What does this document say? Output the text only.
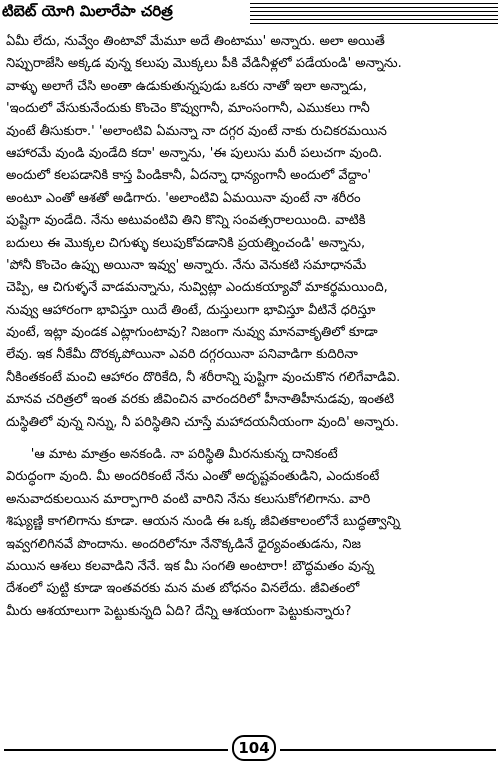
టిబెట్ యోగి మిలారేపా చరిత్ర
ఏమీ లేదు, నువ్వేం తింటావో మేమూ అదే తింటాము' అన్నారు. అలా అయితే
నిప్పురాజేసి అక్కడ వున్న కలుపు మొక్కలు పీకి వేడినీళ్లలో పడేయండి' అన్నాను.
వాళ్ళు అలాగే చేసి అంతా ఉడుకుతున్నపుడు ఒకరు నాతో ఇలా అన్నాడు,
'ఇందులో వేసుకునేందుకు కొంచెం కొవ్వుగానీ, మాంసంగానీ, ఎముకలు గానీ
వుంటే తీసుకురా.' 'అలాంటివి ఏమన్నా నా దగ్గర వుంటే నాకు రుచికరమయిన
ఆహారమే వుండి వుండేది కదా' అన్నాను, 'ఈ పులుసు మరీ పలుచగా వుంది.
అందులో కలపడానికి కాస్త పిండికానీ, ఏదన్నా ధాన్యంగానీ అందులో వేద్దాం'
అంటూ ఎంతో ఆశతో అడిగారు. 'అలాంటివి ఏమయినా వుంటే నా శరీరం
పుష్టిగా వుండేది. నేను అటువంటివి తిని కొన్ని సంవత్సరాలయింది. వాటికి
బదులు ఈ మొక్కల చిగుళ్ళు కలుపుకోవడానికి ప్రయత్నించండి' అన్నాను,
'పోనీ కొంచెం ఉప్పు అయినా ఇవ్వు' అన్నారు. నేను వెనుకటి సమాధానమే
చెప్పి, ఆ చిగుళ్ళనే వాడమన్నాను, నువ్విట్లా ఎందుకయ్యావో మాకర్థమయింది,
నువ్వు ఆహారంగా భావిస్తూ యిదే తింటే, దుస్తులుగా భావిస్తూ వీటినే ధరిస్తూ
వుంటే, ఇట్లా వుండక ఎట్లాగుంటావు? నిజంగా నువ్వు మానవాకృతిలో కూడా
లేవు. ఇక నీకేమీ దొరక్కపోయినా ఎవరి దగ్గరయినా పనివాడిగా కుదిరినా
నీకింతకంటే మంచి ఆహారం దొరికేది, నీ శరీరాన్ని పుష్టిగా వుంచుకొన గలిగేవాడివి.
మానవ చరిత్రలో ఇంత వరకు జీవించిన వారందరిలో హీనాతిహీనుడవు, ఇంతటి
దుస్థితిలో వున్న నిన్ను, నీ పరిస్థితిని చూస్తే మహాదయనీయంగా వుంది' అన్నారు.
'ఆ మాట మాత్రం అనకండి. నా పరిస్థితి మీరనుకున్న దానికంటే
విరుద్ధంగా వుంది. మీ అందరికంటే నేను ఎంతో అదృష్టవంతుడిని, ఎందుకంటే
అనువాదకులయిన మార్పాగారి వంటి వారిని నేను కలుసుకోగలిగాను. వారి
శిష్యుణ్ణి కాగలిగాను కూడా. ఆయన నుండి ఈ ఒక్క జీవితకాలంలోనే బుద్ధత్వాన్ని
ఇవ్వగలిగినవే పొందాను. అందరిలోనూ నేనొక్కడినే ధైర్యవంతుడను, నిజ
మయిన ఆశలు కలవాడిని నేనే. ఇక మీ సంగతి అంటారా! బౌద్ధమతం వున్న
దేశంలో పుట్టి కూడా ఇంతవరకు మన మత బోధనం వినలేదు. జీవితంలో
మీరు ఆశయాలుగా పెట్టుకున్నది ఏది? దేన్ని ఆశయంగా పెట్టుకున్నారు?
104
